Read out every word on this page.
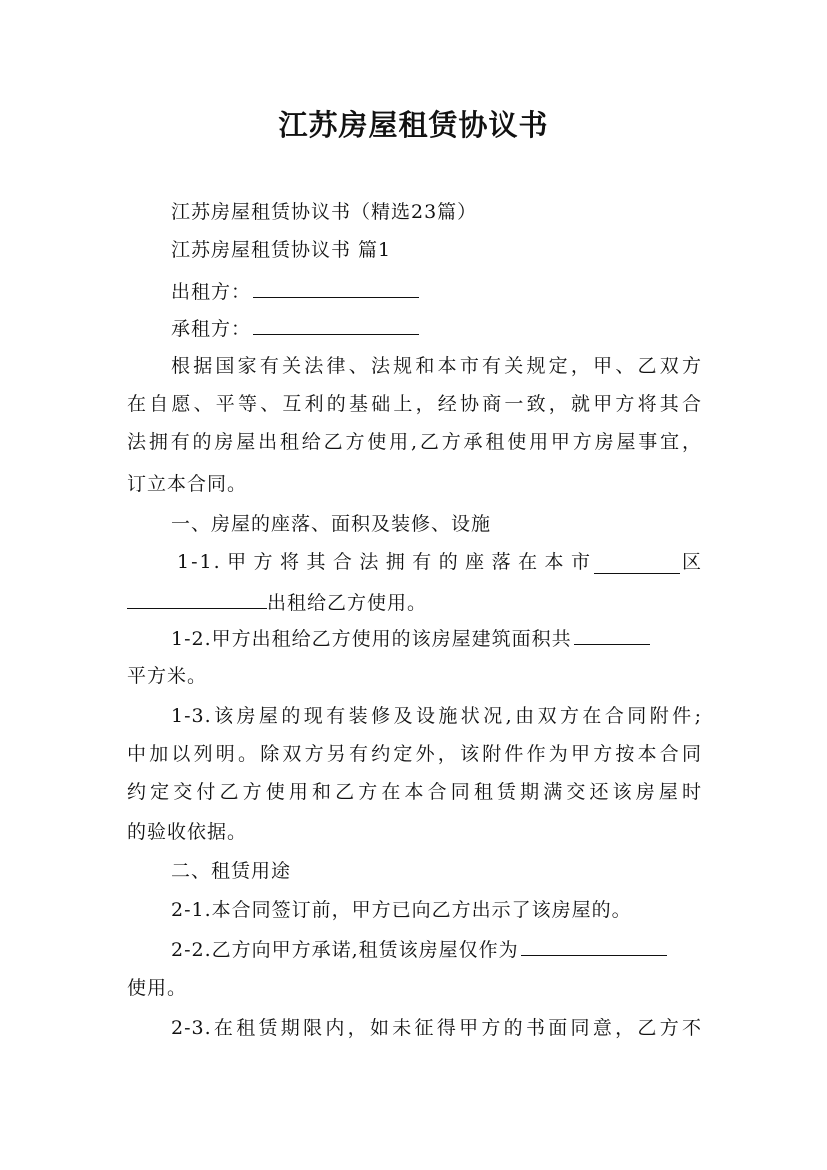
江苏房屋租赁协议书
江苏房屋租赁协议书（精选23篇）
江苏房屋租赁协议书 篇1
出租方：
承租方：
根据国家有关法律、法规和本市有关规定，甲、乙双方
在自愿、平等、互利的基础上，经协商一致，就甲方将其合
法拥有的房屋出租给乙方使用,乙方承租使用甲方房屋事宜，
订立本合同。
一、房屋的座落、面积及装修、设施
1-1.甲方将其合法拥有的座落在本市	区
出租给乙方使用。
1-2.甲方出租给乙方使用的该房屋建筑面积共
平方米。
1-3.该房屋的现有装修及设施状况,由双方在合同附件;
中加以列明。除双方另有约定外，该附件作为甲方按本合同
约定交付乙方使用和乙方在本合同租赁期满交还该房屋时
的验收依据。
二、租赁用途
2-1.本合同签订前，甲方已向乙方出示了该房屋的。
2-2.乙方向甲方承诺,租赁该房屋仅作为
使用。
2-3.在租赁期限内，如未征得甲方的书面同意，乙方不
